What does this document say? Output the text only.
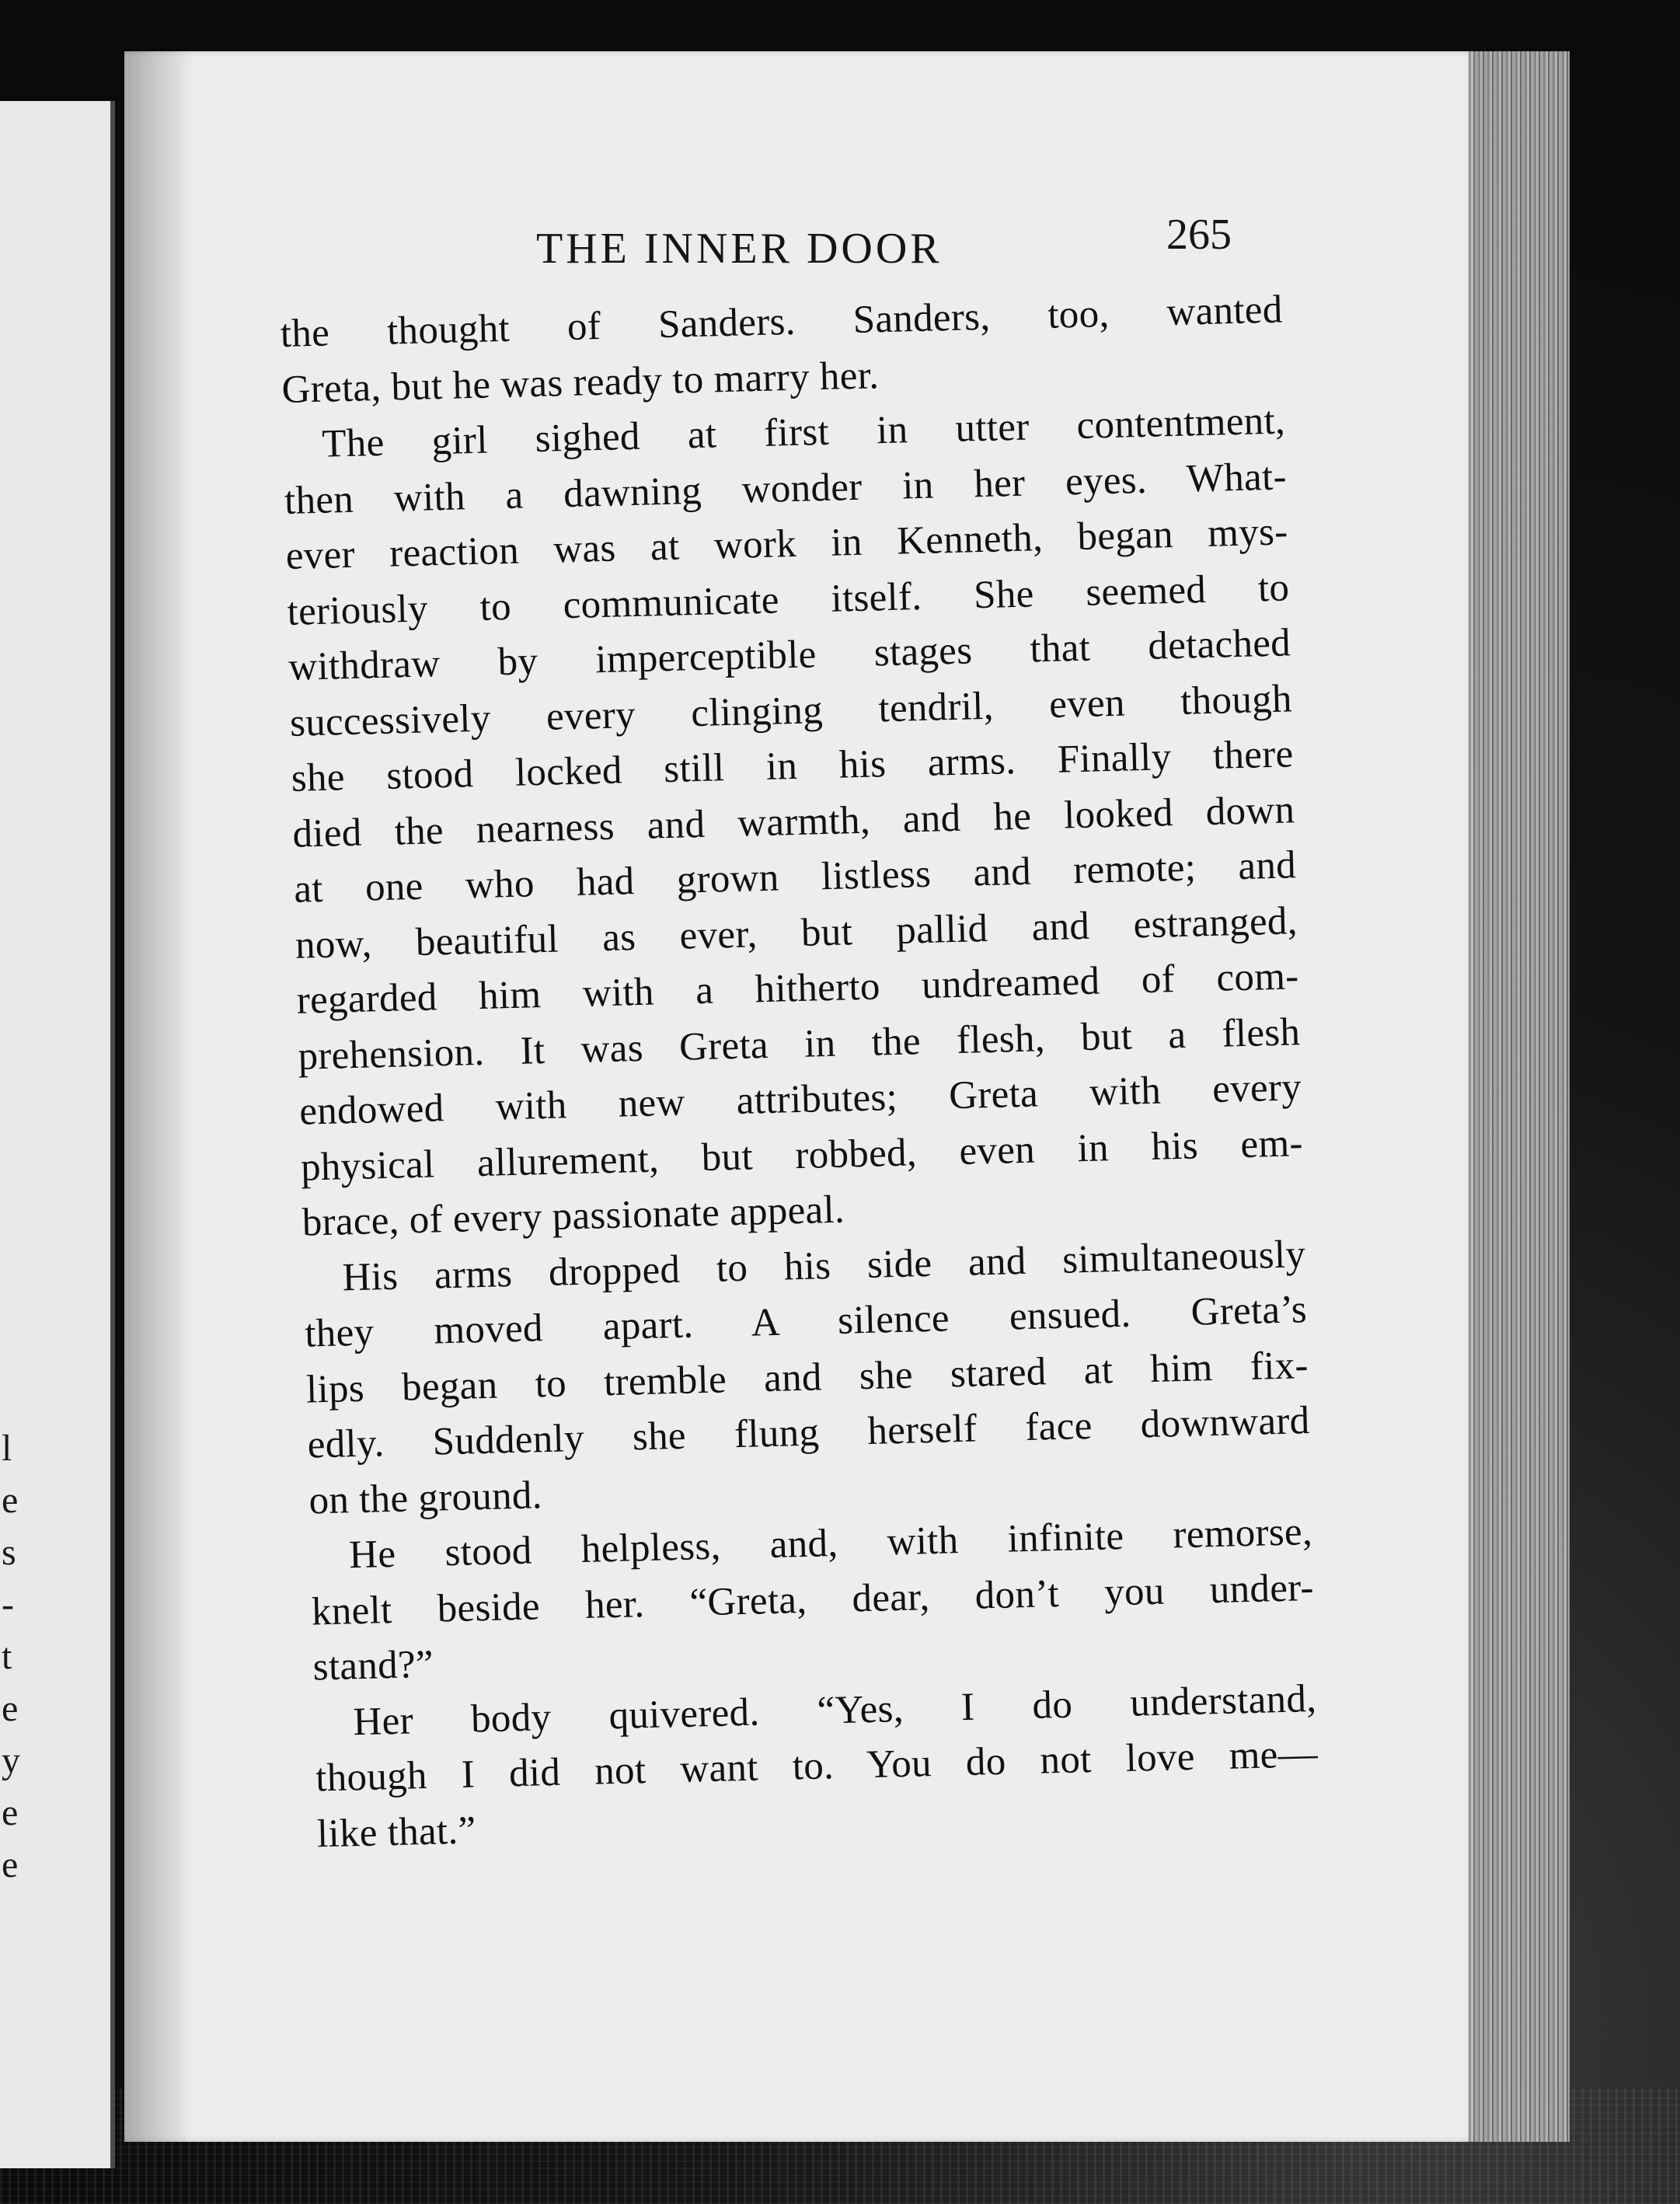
l
e
s
-
t
e
y
e
e
THE INNER DOOR	265
the thought of Sanders. Sanders, too, wanted
Greta, but he was ready to marry her.
The girl sighed at first in utter contentment,
then with a dawning wonder in her eyes. What-
ever reaction was at work in Kenneth, began mys-
teriously to communicate itself. She seemed to
withdraw by imperceptible stages that detached
successively every clinging tendril, even though
she stood locked still in his arms. Finally there
died the nearness and warmth, and he looked down
at one who had grown listless and remote; and
now, beautiful as ever, but pallid and estranged,
regarded him with a hitherto undreamed of com-
prehension. It was Greta in the flesh, but a flesh
endowed with new attributes; Greta with every
physical allurement, but robbed, even in his em-
brace, of every passionate appeal.
His arms dropped to his side and simultaneously
they moved apart. A silence ensued. Greta’s
lips began to tremble and she stared at him fix-
edly. Suddenly she flung herself face downward
on the ground.
He stood helpless, and, with infinite remorse,
knelt beside her. “Greta, dear, don’t you under-
stand?”
Her body quivered. “Yes, I do understand,
though I did not want to. You do not love me—
like that.”
